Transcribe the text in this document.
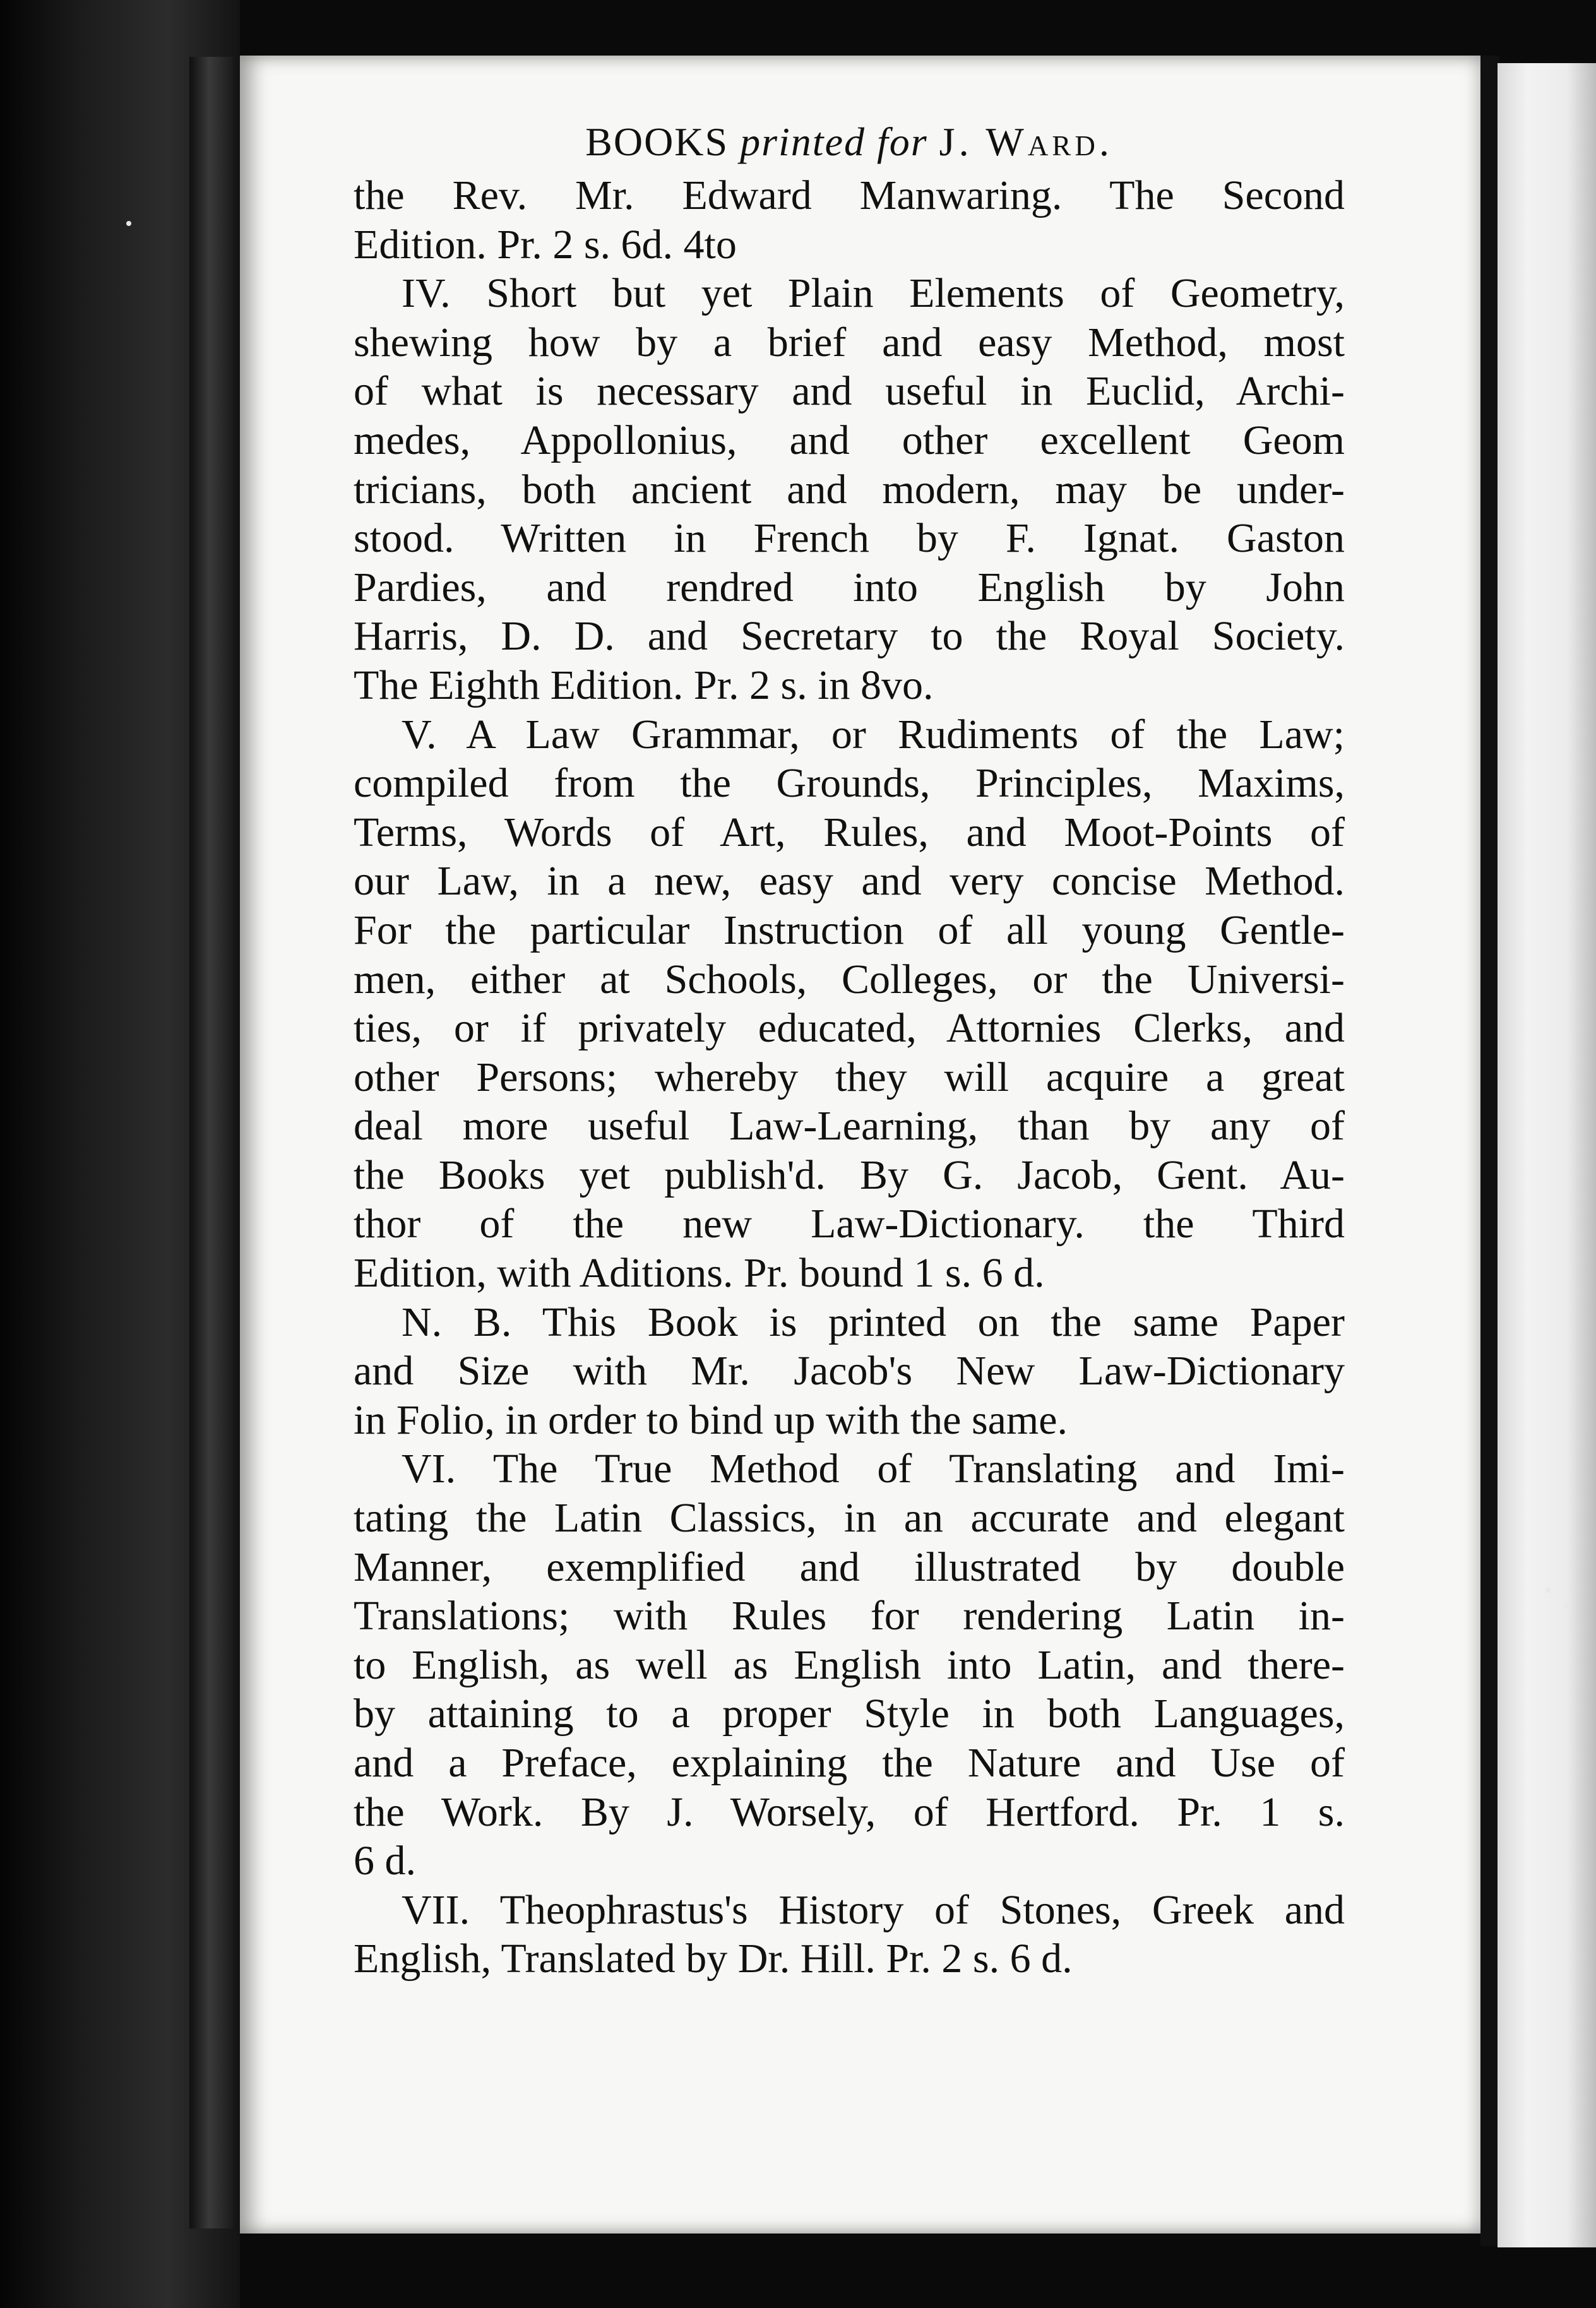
BOOKS printed for J. Ward.
the Rev. Mr. Edward Manwaring. The Second
Edition. Pr. 2 s. 6d. 4to
IV. Short but yet Plain Elements of Geometry,
shewing how by a brief and easy Method, most
of what is necessary and useful in Euclid, Archi-
medes, Appollonius, and other excellent Geom
tricians, both ancient and modern, may be under-
stood. Written in French by F. Ignat. Gaston
Pardies, and rendred into English by John
Harris, D. D. and Secretary to the Royal Society.
The Eighth Edition. Pr. 2 s. in 8vo.
V. A Law Grammar, or Rudiments of the Law;
compiled from the Grounds, Principles, Maxims,
Terms, Words of Art, Rules, and Moot-Points of
our Law, in a new, easy and very concise Method.
For the particular Instruction of all young Gentle-
men, either at Schools, Colleges, or the Universi-
ties, or if privately educated, Attornies Clerks, and
other Persons; whereby they will acquire a great
deal more useful Law-Learning, than by any of
the Books yet publish'd. By G. Jacob, Gent. Au-
thor of the new Law-Dictionary. the Third
Edition, with Aditions. Pr. bound 1 s. 6 d.
N. B. This Book is printed on the same Paper
and Size with Mr. Jacob's New Law-Dictionary
in Folio, in order to bind up with the same.
VI. The True Method of Translating and Imi-
tating the Latin Classics, in an accurate and elegant
Manner, exemplified and illustrated by double
Translations; with Rules for rendering Latin in-
to English, as well as English into Latin, and there-
by attaining to a proper Style in both Languages,
and a Preface, explaining the Nature and Use of
the Work. By J. Worsely, of Hertford. Pr. 1 s.
6 d.
VII. Theophrastus's History of Stones, Greek and
English, Translated by Dr. Hill. Pr. 2 s. 6 d.
